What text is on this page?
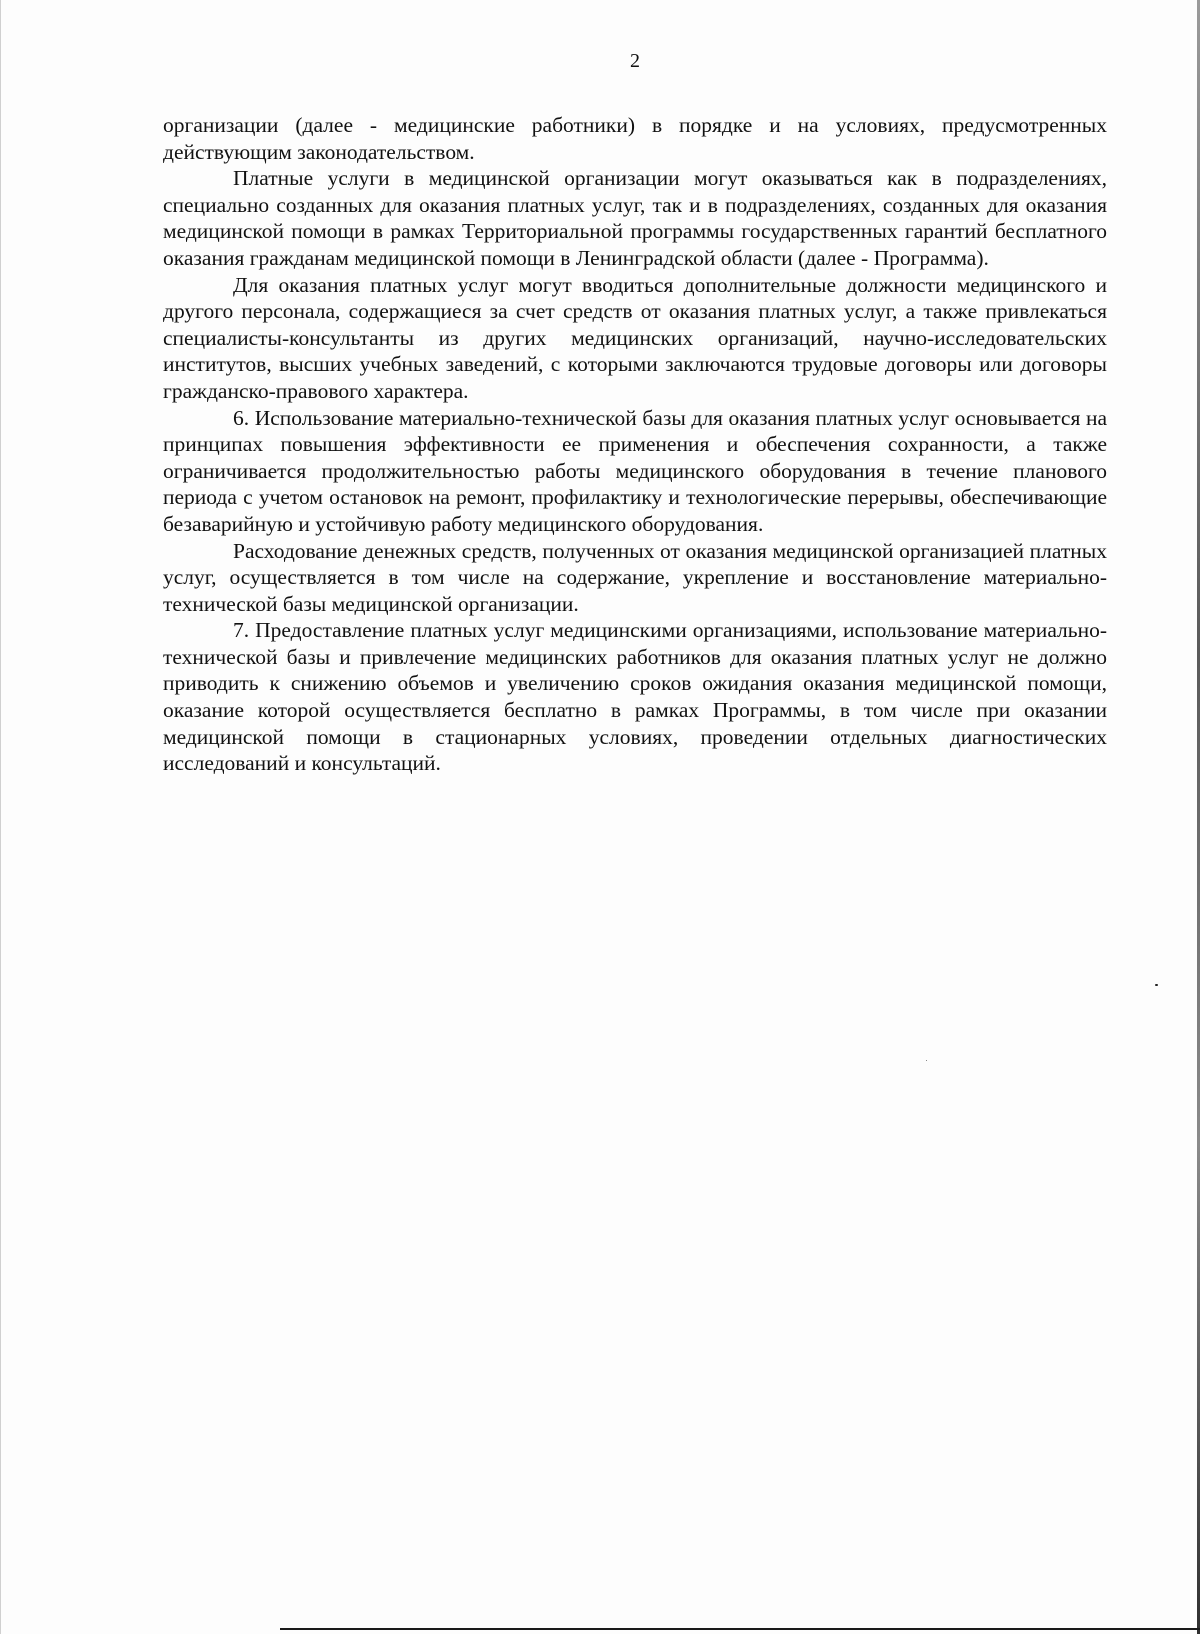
2

организации (далее - медицинские работники) в порядке и на условиях, предусмотренных действующим законодательством.

Платные услуги в медицинской организации могут оказываться как в подразделениях, специально созданных для оказания платных услуг, так и в подразделениях, созданных для оказания медицинской помощи в рамках Территориальной программы государственных гарантий бесплатного оказания гражданам медицинской помощи в Ленинградской области (далее - Программа).

Для оказания платных услуг могут вводиться дополнительные должности медицинского и другого персонала, содержащиеся за счет средств от оказания платных услуг, а также привлекаться специалисты-консультанты из других медицинских организаций, научно-исследовательских институтов, высших учебных заведений, с которыми заключаются трудовые договоры или договоры гражданско-правового характера.

6. Использование материально-технической базы для оказания платных услуг основывается на принципах повышения эффективности ее применения и обеспечения сохранности, а также ограничивается продолжительностью работы медицинского оборудования в течение планового периода с учетом остановок на ремонт, профилактику и технологические перерывы, обеспечивающие безаварийную и устойчивую работу медицинского оборудования.

Расходование денежных средств, полученных от оказания медицинской организацией платных услуг, осуществляется в том числе на содержание, укрепление и восстановление материально-технической базы медицинской организации.

7. Предоставление платных услуг медицинскими организациями, использование материально-технической базы и привлечение медицинских работников для оказания платных услуг не должно приводить к снижению объемов и увеличению сроков ожидания оказания медицинской помощи, оказание которой осуществляется бесплатно в рамках Программы, в том числе при оказании медицинской помощи в стационарных условиях, проведении отдельных диагностических исследований и консультаций.
